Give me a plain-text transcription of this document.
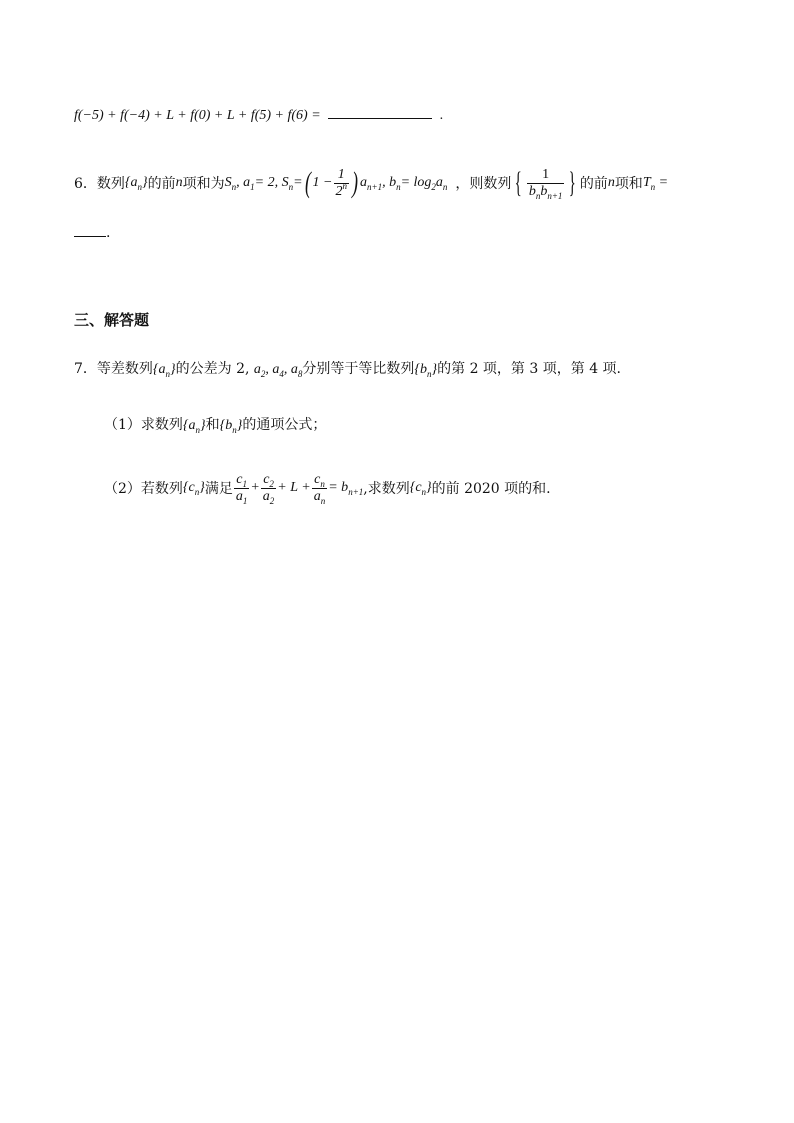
f(−5) + f(−4) + L + f(0) + L + f(5) + f(6) =	.
6． 数列 $\{a_n\}$ 的前 n 项和为 S n , a 1 = 2, S n = ( $1 - \frac{1}{2^n}$ ) a n+1 , b n = log 2 a n ，则数列 { $\frac{1}{b_nb_{n+1}}$ } 的前 n 项和 $T_n$ =
.
三、解答题
7．等差数列$\{a_n\}$的公差为 2, $a_2$, $a_4$, $a_8$分别等于等比数列$\{b_n\}$的第 2 项，第 3 项，第 4 项.
（1）求数列$\{a_n\}$和$\{b_n\}$的通项公式；
（2） 若数列 $\{c_n\}$ 满足 $\frac{c_1}{a_1} + \frac{c_2}{a_2} + L + \frac{c_n}{a_n} = b$ n+1 ,求数列 $\{c_n\}$ 的前 2020 项的和.
